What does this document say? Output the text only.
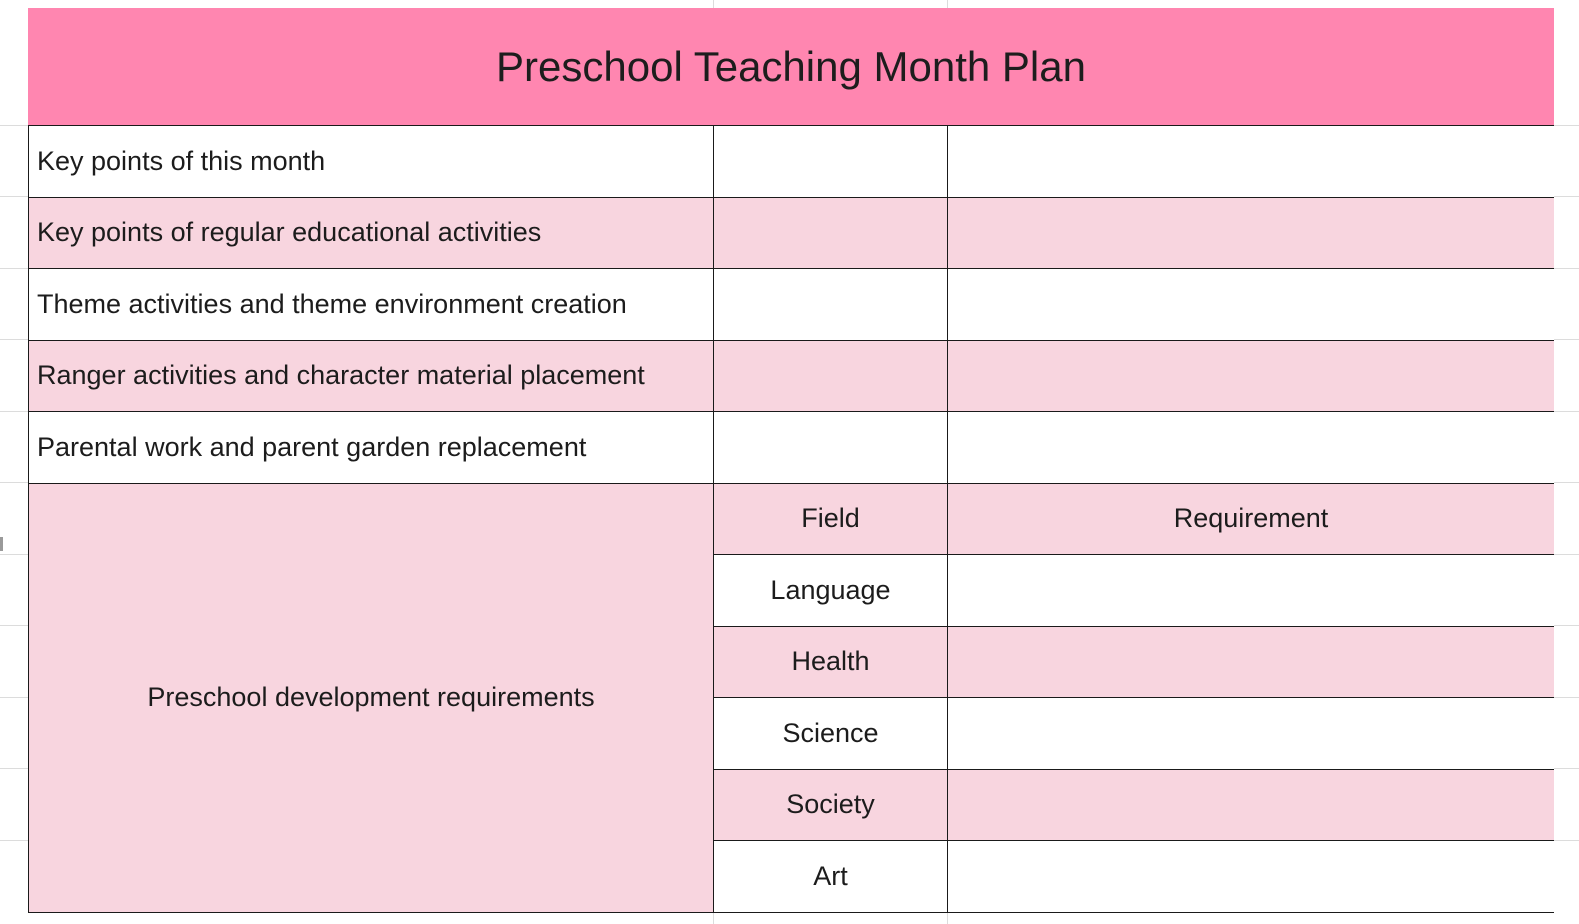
Preschool Teaching Month Plan
Key points of this month
Key points of regular educational activities
Theme activities and theme environment creation
Ranger activities and character material placement
Parental work and parent garden replacement
Preschool development requirements
Field	Requirement
Language
Health
Science
Society
Art
